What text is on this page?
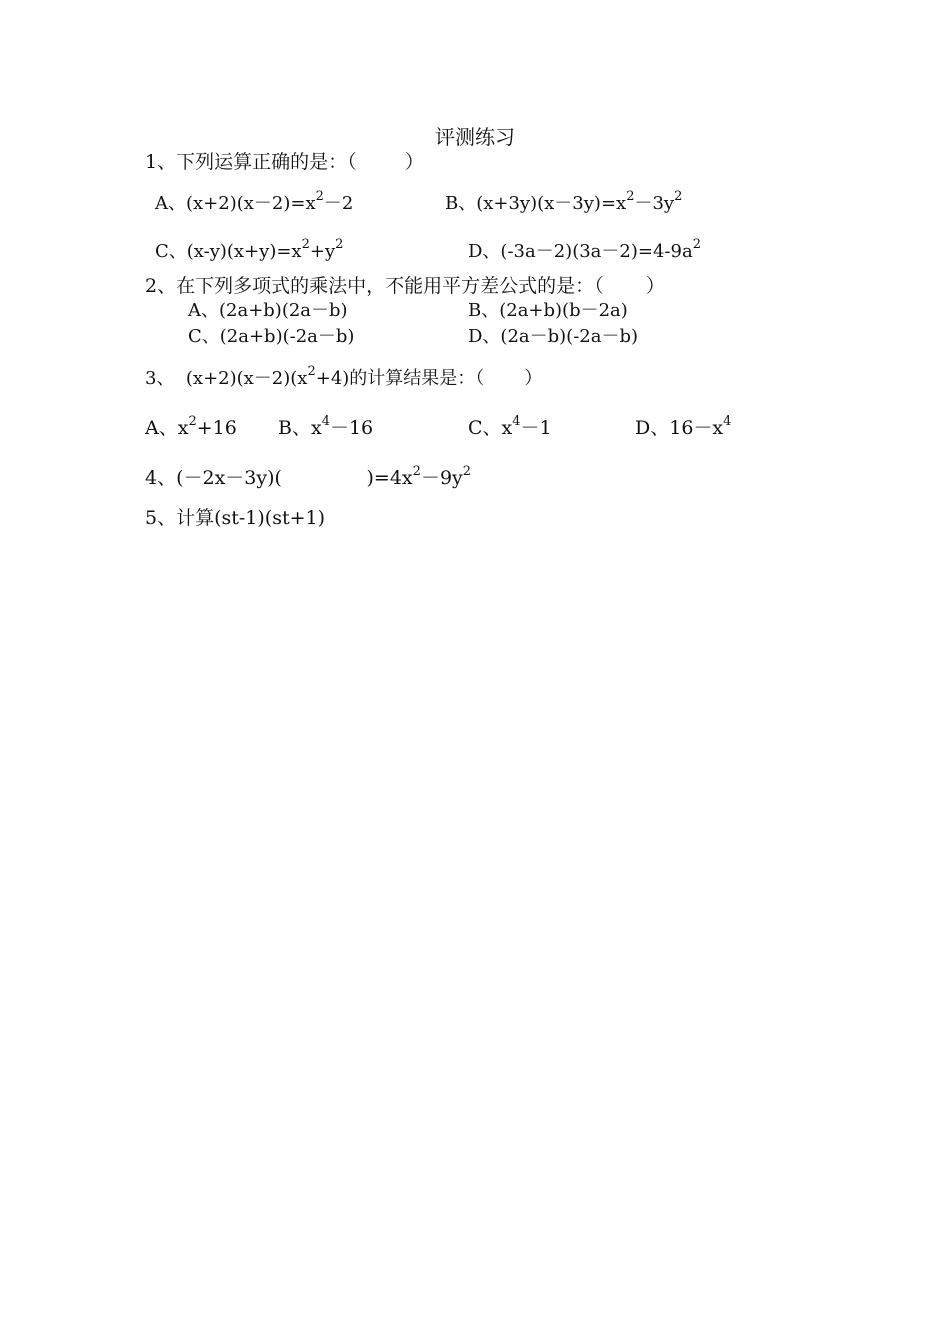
评测练习
1、下列运算正确的是：（        ）
A、$(x+2)(x-2)=x^2-2$	B、$(x+3y)(x-3y)=x^2-3y^2$
C、$(x-y)(x+y)=x^2+y^2$	D、$(-3a-2)(3a-2)=4-9a^2$
2、在下列多项式的乘法中，不能用平方差公式的是：（       ）
A、(2a+b)(2a－b)	B、(2a+b)(b－2a)
C、(2a+b)(-2a－b)	D、(2a－b)(-2a－b)
3、  $(x+2)(x-2)(x^2+4)$的计算结果是：（       ）
A、$x^2+16$ B、$x^4-16$	C、$x^4-1$	D、$16-x^4$
4、(－2x－3y)(              )$=4x^2-9y^2$
5、计算(st-1)(st+1)
